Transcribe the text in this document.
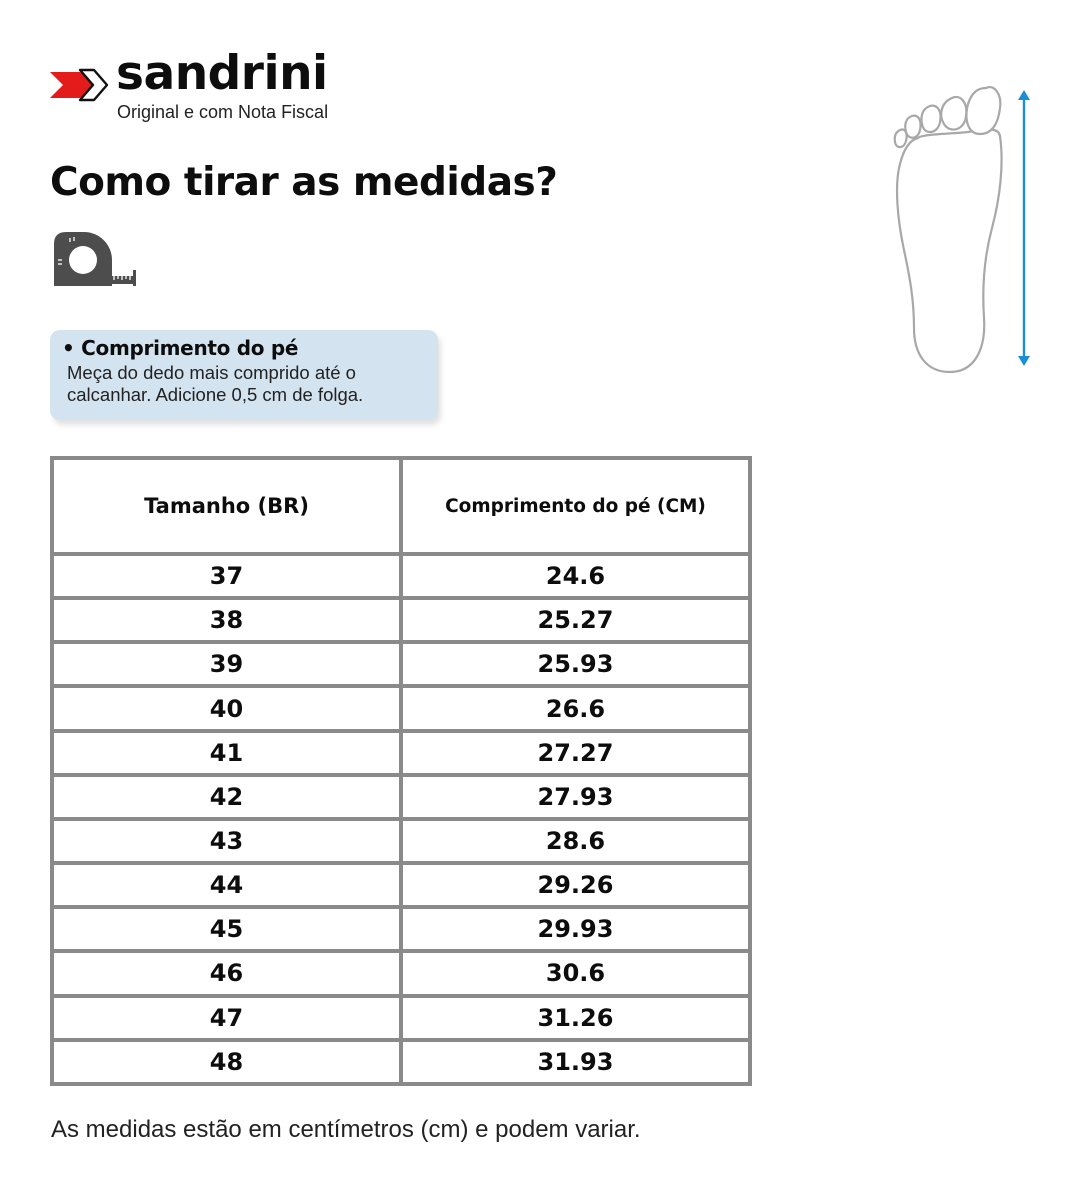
sandrini
Original e com Nota Fiscal
Como tirar as medidas?
• Comprimento do pé
Meça do dedo mais comprido até o
calcanhar. Adicione 0,5 cm de folga.
Tamanho (BR)	Comprimento do pé (CM)
37	24.6
38	25.27
39	25.93
40	26.6
41	27.27
42	27.93
43	28.6
44	29.26
45	29.93
46	30.6
47	31.26
48	31.93

As medidas estão em centímetros (cm) e podem variar.
